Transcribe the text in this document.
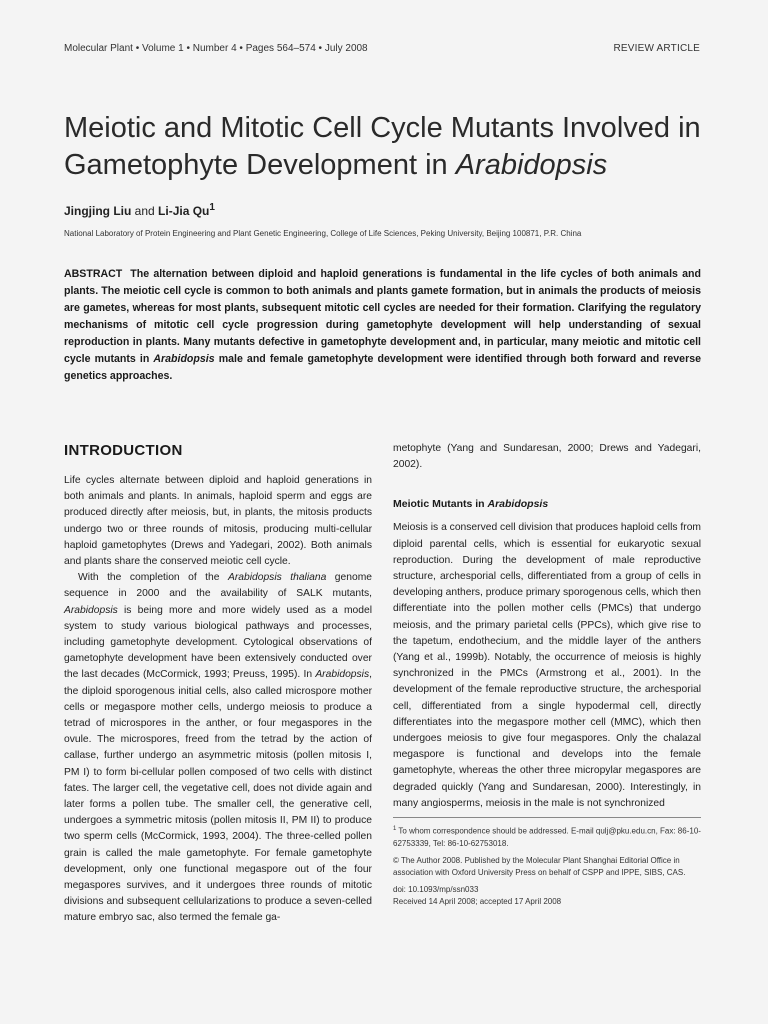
Molecular Plant • Volume 1 • Number 4 • Pages 564–574 • July 2008	REVIEW ARTICLE
Meiotic and Mitotic Cell Cycle Mutants Involved in Gametophyte Development in Arabidopsis
Jingjing Liu and Li-Jia Qu$^1$
National Laboratory of Protein Engineering and Plant Genetic Engineering, College of Life Sciences, Peking University, Beijing 100871, P.R. China

ABSTRACT The alternation between diploid and haploid generations is fundamental in the life cycles of both animals and plants. The meiotic cell cycle is common to both animals and plants gamete formation, but in animals the products of meiosis are gametes, whereas for most plants, subsequent mitotic cell cycles are needed for their formation. Clarifying the regulatory mechanisms of mitotic cell cycle progression during gametophyte development will help understanding of sexual reproduction in plants. Many mutants defective in gametophyte development and, in particular, many meiotic and mitotic cell cycle mutants in Arabidopsis male and female gametophyte development were identified through both forward and reverse genetics approaches.

INTRODUCTION

Life cycles alternate between diploid and haploid generations in both animals and plants. In animals, haploid sperm and eggs are produced directly after meiosis, but, in plants, the mitosis products undergo two or three rounds of mitosis, producing multi-cellular haploid gametophytes (Drews and Yadegari, 2002). Both animals and plants share the conserved meiotic cell cycle.

With the completion of the Arabidopsis thaliana genome sequence in 2000 and the availability of SALK mutants, Arabidopsis is being more and more widely used as a model system to study various biological pathways and processes, including gametophyte development. Cytological observations of gametophyte development have been extensively conducted over the last decades (McCormick, 1993; Preuss, 1995). In Arabidopsis, the diploid sporogenous initial cells, also called microspore mother cells or megaspore mother cells, undergo meiosis to produce a tetrad of microspores in the anther, or four megaspores in the ovule. The microspores, freed from the tetrad by the action of callase, further undergo an asymmetric mitosis (pollen mitosis I, PM I) to form bi-cellular pollen composed of two cells with distinct fates. The larger cell, the vegetative cell, does not divide again and later forms a pollen tube. The smaller cell, the generative cell, undergoes a symmetric mitosis (pollen mitosis II, PM II) to produce two sperm cells (McCormick, 1993, 2004). The three-celled pollen grain is called the male gametophyte. For female gametophyte development, only one functional megaspore out of the four megaspores survives, and it undergoes three rounds of mitotic divisions and subsequent cellularizations to produce a seven-celled mature embryo sac, also termed the female ga-

metophyte (Yang and Sundaresan, 2000; Drews and Yadegari, 2002).

Meiotic Mutants in Arabidopsis

Meiosis is a conserved cell division that produces haploid cells from diploid parental cells, which is essential for eukaryotic sexual reproduction. During the development of male reproductive structure, archesporial cells, differentiated from a group of cells in developing anthers, produce primary sporogenous cells, which then differentiate into the pollen mother cells (PMCs) that undergo meiosis, and the primary parietal cells (PPCs), which give rise to the tapetum, endothecium, and the middle layer of the anthers (Yang et al., 1999b). Notably, the occurrence of meiosis is highly synchronized in the PMCs (Armstrong et al., 2001). In the development of the female reproductive structure, the archesporial cell, differentiated from a single hypodermal cell, directly differentiates into the megaspore mother cell (MMC), which then undergoes meiosis to give four megaspores. Only the chalazal megaspore is functional and develops into the female gametophyte, whereas the other three micropylar megaspores are degraded quickly (Yang and Sundaresan, 2000). Interestingly, in many angiosperms, meiosis in the male is not synchronized

$^1$ To whom correspondence should be addressed. E-mail qulj@pku.edu.cn, Fax: 86-10-62753339, Tel: 86-10-62753018.

© The Author 2008. Published by the Molecular Plant Shanghai Editorial Office in association with Oxford University Press on behalf of CSPP and IPPE, SIBS, CAS.

doi: 10.1093/mp/ssn033

Received 14 April 2008; accepted 17 April 2008
